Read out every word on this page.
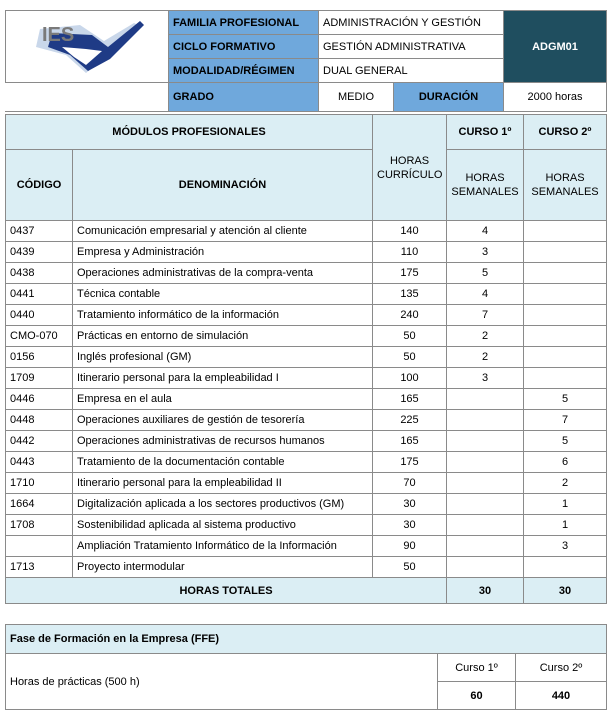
IES	FAMILIA PROFESIONAL	ADMINISTRACIÓN Y GESTIÓN		ADGM01
	CICLO FORMATIVO	GESTIÓN ADMINISTRATIVA		
	MODALIDAD/RÉGIMEN	DUAL GENERAL		
	GRADO	MEDIO	DURACIÓN	2000 horas
MÓDULOS PROFESIONALES		HORAS CURRÍCULO	CURSO 1º	CURSO 2º
CÓDIGO	DENOMINACIÓN		HORAS SEMANALES	HORAS SEMANALES
0437	Comunicación empresarial y atención al cliente	140	4	
0439	Empresa y Administración	110	3	
0438	Operaciones administrativas de la compra-venta	175	5	
0441	Técnica contable	135	4	
0440	Tratamiento informático de la información	240	7	
CMO-070	Prácticas en entorno de simulación	50	2	
0156	Inglés profesional (GM)	50	2	
1709	Itinerario personal para la empleabilidad I	100	3	
0446	Empresa en el aula	165		5
0448	Operaciones auxiliares de gestión de tesorería	225		7
0442	Operaciones administrativas de recursos humanos	165		5
0443	Tratamiento de la documentación contable	175		6
1710	Itinerario personal para la empleabilidad II	70		2
1664	Digitalización aplicada a los sectores productivos (GM)	30		1
1708	Sostenibilidad aplicada al sistema productivo	30		1
	Ampliación Tratamiento Informático de la Información	90		3
1713	Proyecto intermodular	50		

HORAS TOTALES			30	30
Fase de Formación en la Empresa (FFE)		
Horas de prácticas (500 h)	Curso 1º	Curso 2º
	60	440
